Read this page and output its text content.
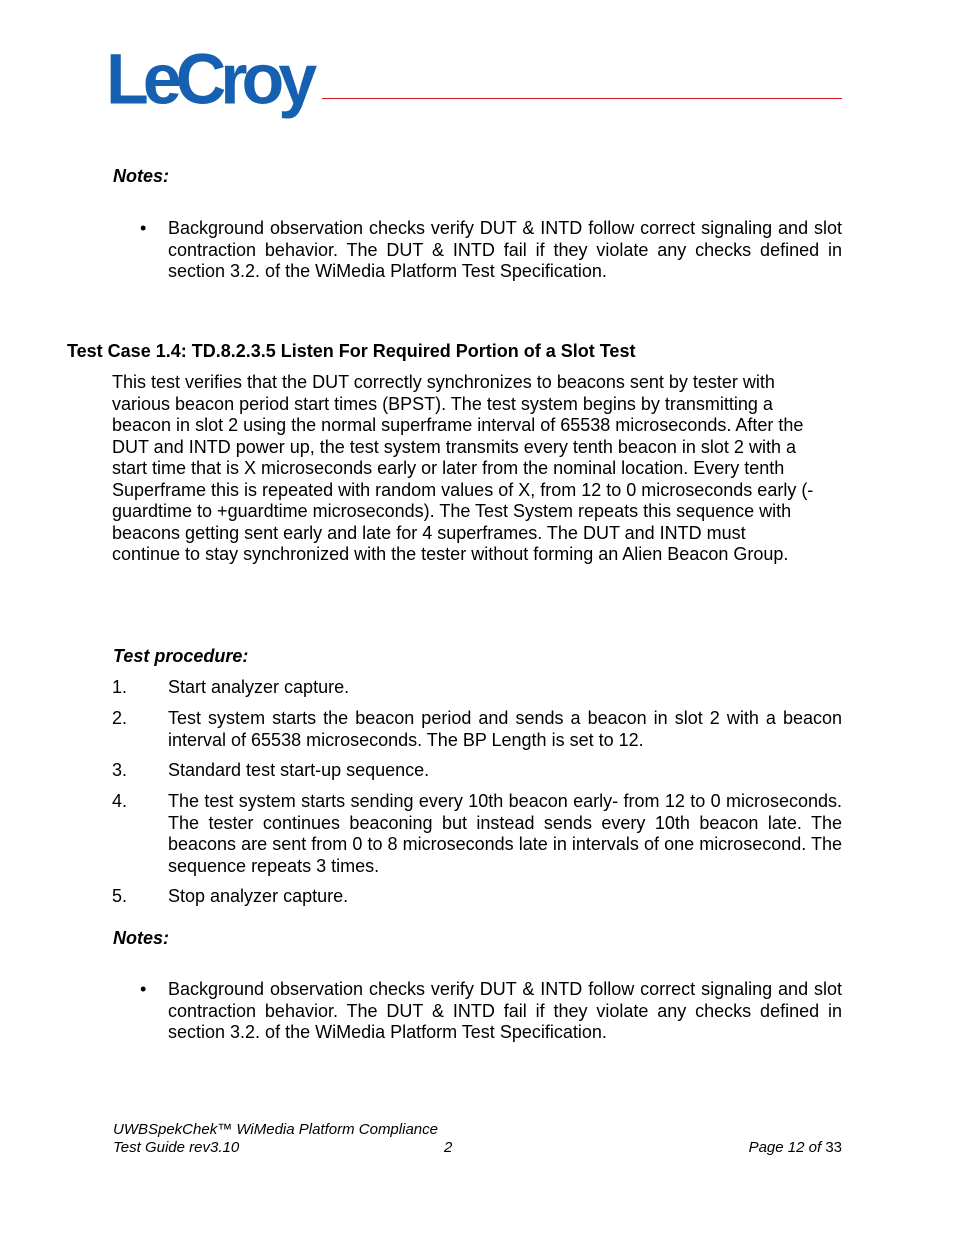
LeCroy
Notes:
• Background observation checks verify DUT & INTD follow correct signaling and slot contraction behavior. The DUT & INTD fail if they violate any checks defined in section 3.2. of the WiMedia Platform Test Specification.
Test Case 1.4: TD.8.2.3.5 Listen For Required Portion of a Slot Test
This test verifies that the DUT correctly synchronizes to beacons sent by tester with
various beacon period start times (BPST). The test system begins by transmitting a
beacon in slot 2 using the normal superframe interval of 65538 microseconds. After the
DUT and INTD power up, the test system transmits every tenth beacon in slot 2 with a
start time that is X microseconds early or later from the nominal location. Every tenth
Superframe this is repeated with random values of X, from 12 to 0 microseconds early (-
guardtime to +guardtime microseconds). The Test System repeats this sequence with
beacons getting sent early and late for 4 superframes. The DUT and INTD must
continue to stay synchronized with the tester without forming an Alien Beacon Group.
Test procedure:
1. Start analyzer capture.
2. Test system starts the beacon period and sends a beacon in slot 2 with a beacon interval of 65538 microseconds. The BP Length is set to 12.
3. Standard test start-up sequence.
4. The test system starts sending every 10th beacon early- from 12 to 0 microseconds. The tester continues beaconing but instead sends every 10th beacon late. The beacons are sent from 0 to 8 microseconds late in intervals of one microsecond. The sequence repeats 3 times.
5. Stop analyzer capture.
Notes:
• Background observation checks verify DUT & INTD follow correct signaling and slot contraction behavior. The DUT & INTD fail if they violate any checks defined in section 3.2. of the WiMedia Platform Test Specification.
UWBSpekChek™ WiMedia Platform Compliance
Test Guide rev3.10	2	Page 12 of 33
